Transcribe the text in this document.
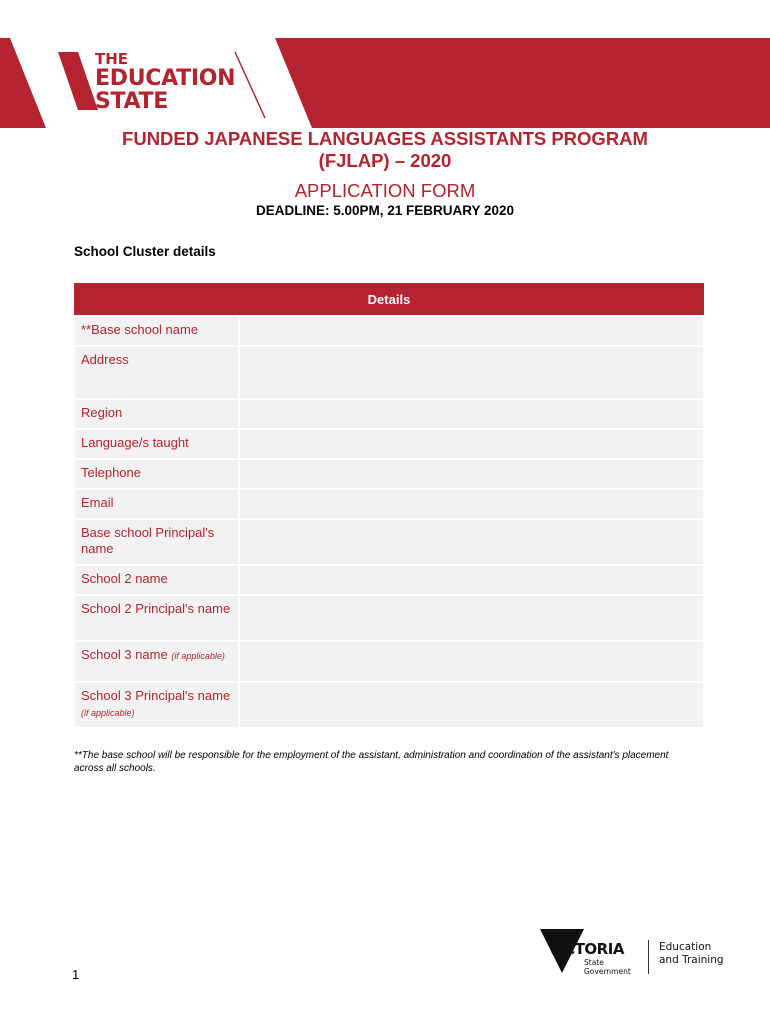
THE
EDUCATION
STATE
FUNDED JAPANESE LANGUAGES ASSISTANTS PROGRAM
(FJLAP) – 2020
APPLICATION FORM
DEADLINE: 5.00PM, 21 FEBRUARY 2020
School Cluster details
Details	
**Base school name	
Address	
Region	
Language/s taught	
Telephone	
Email	
Base school Principal's name	
School 2 name	
School 2 Principal's name	
School 3 name (if applicable)	
School 3 Principal's name (if applicable)	
**The base school will be responsible for the employment of the assistant, administration and coordination of the assistant's placement across all schools.
1
VICTORIA
State
Government
Education
and Training
